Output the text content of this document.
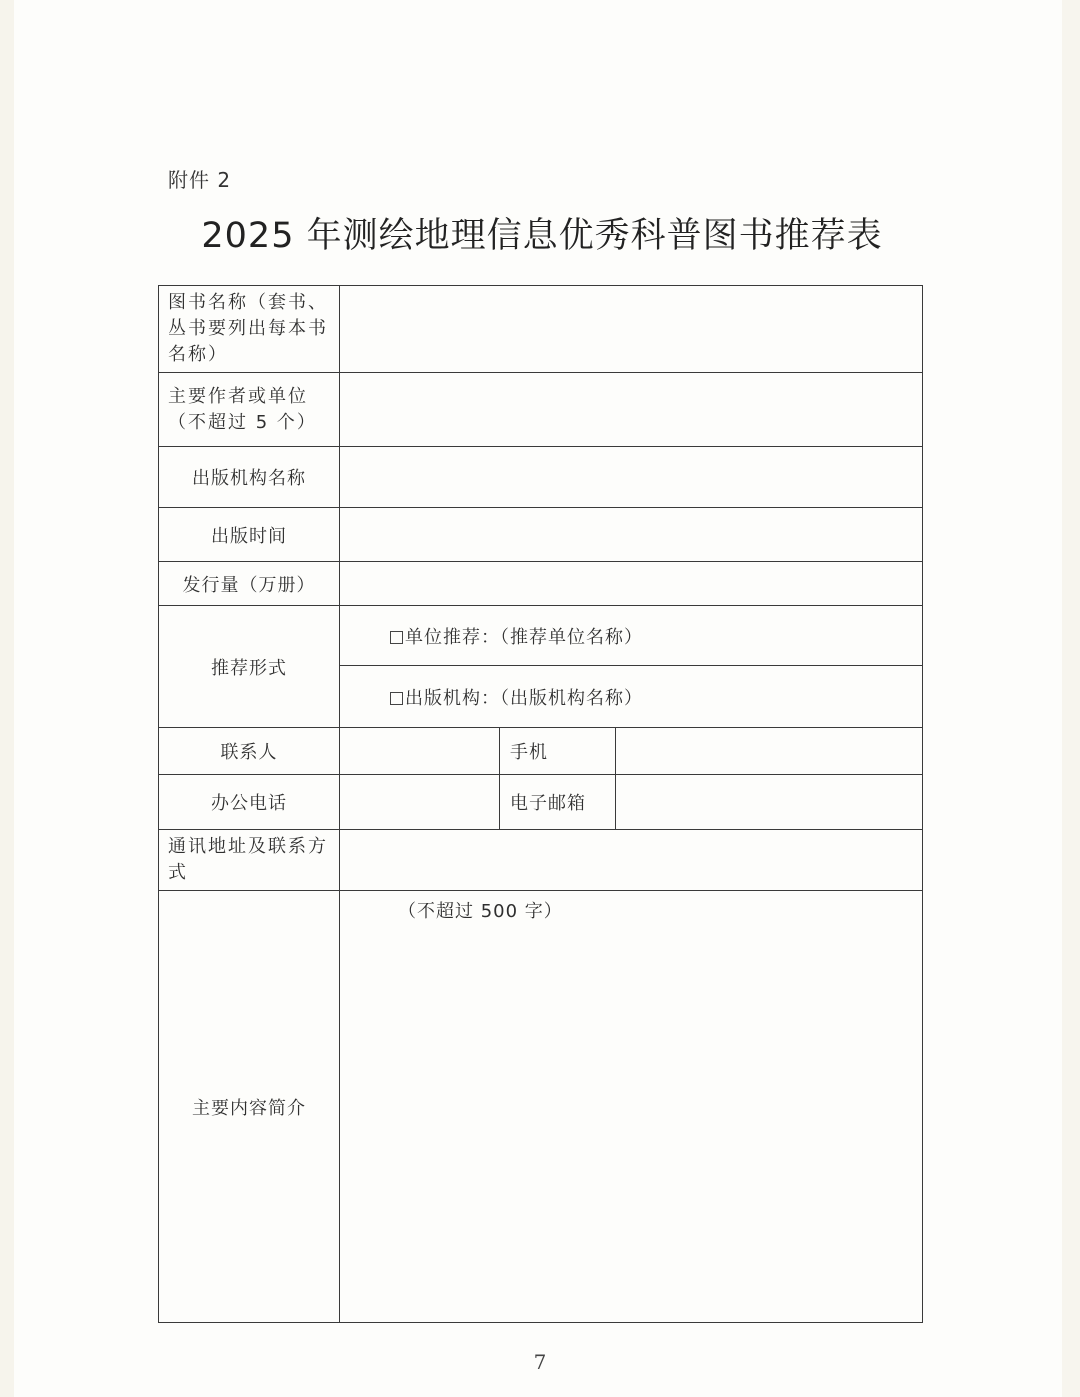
附件 2
2025 年测绘地理信息优秀科普图书推荐表
图书名称（套书、丛书要列出每本书名称）			
主要作者或单位（不超过 5 个）			
出版机构名称			
出版时间			
发行量（万册）			
推荐形式	单位推荐：（推荐单位名称）		
	出版机构：（出版机构名称）		
联系人		手机	
办公电话		电子邮箱	
通讯地址及联系方式			
主要内容简介	（不超过 500 字）		
7
